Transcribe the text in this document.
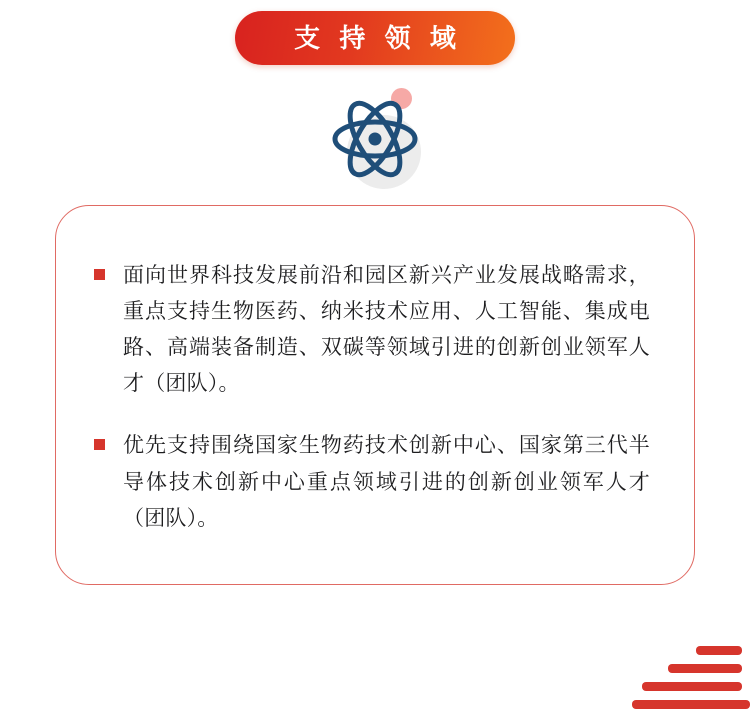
支 持 领 域
面向世界科技发展前沿和园区新兴产业发展战略需求，重点支持生物医药、纳米技术应用、人工智能、集成电路、高端装备制造、双碳等领域引进的创新创业领军人才（团队）。
优先支持围绕国家生物药技术创新中心、国家第三代半导体技术创新中心重点领域引进的创新创业领军人才（团队）。
